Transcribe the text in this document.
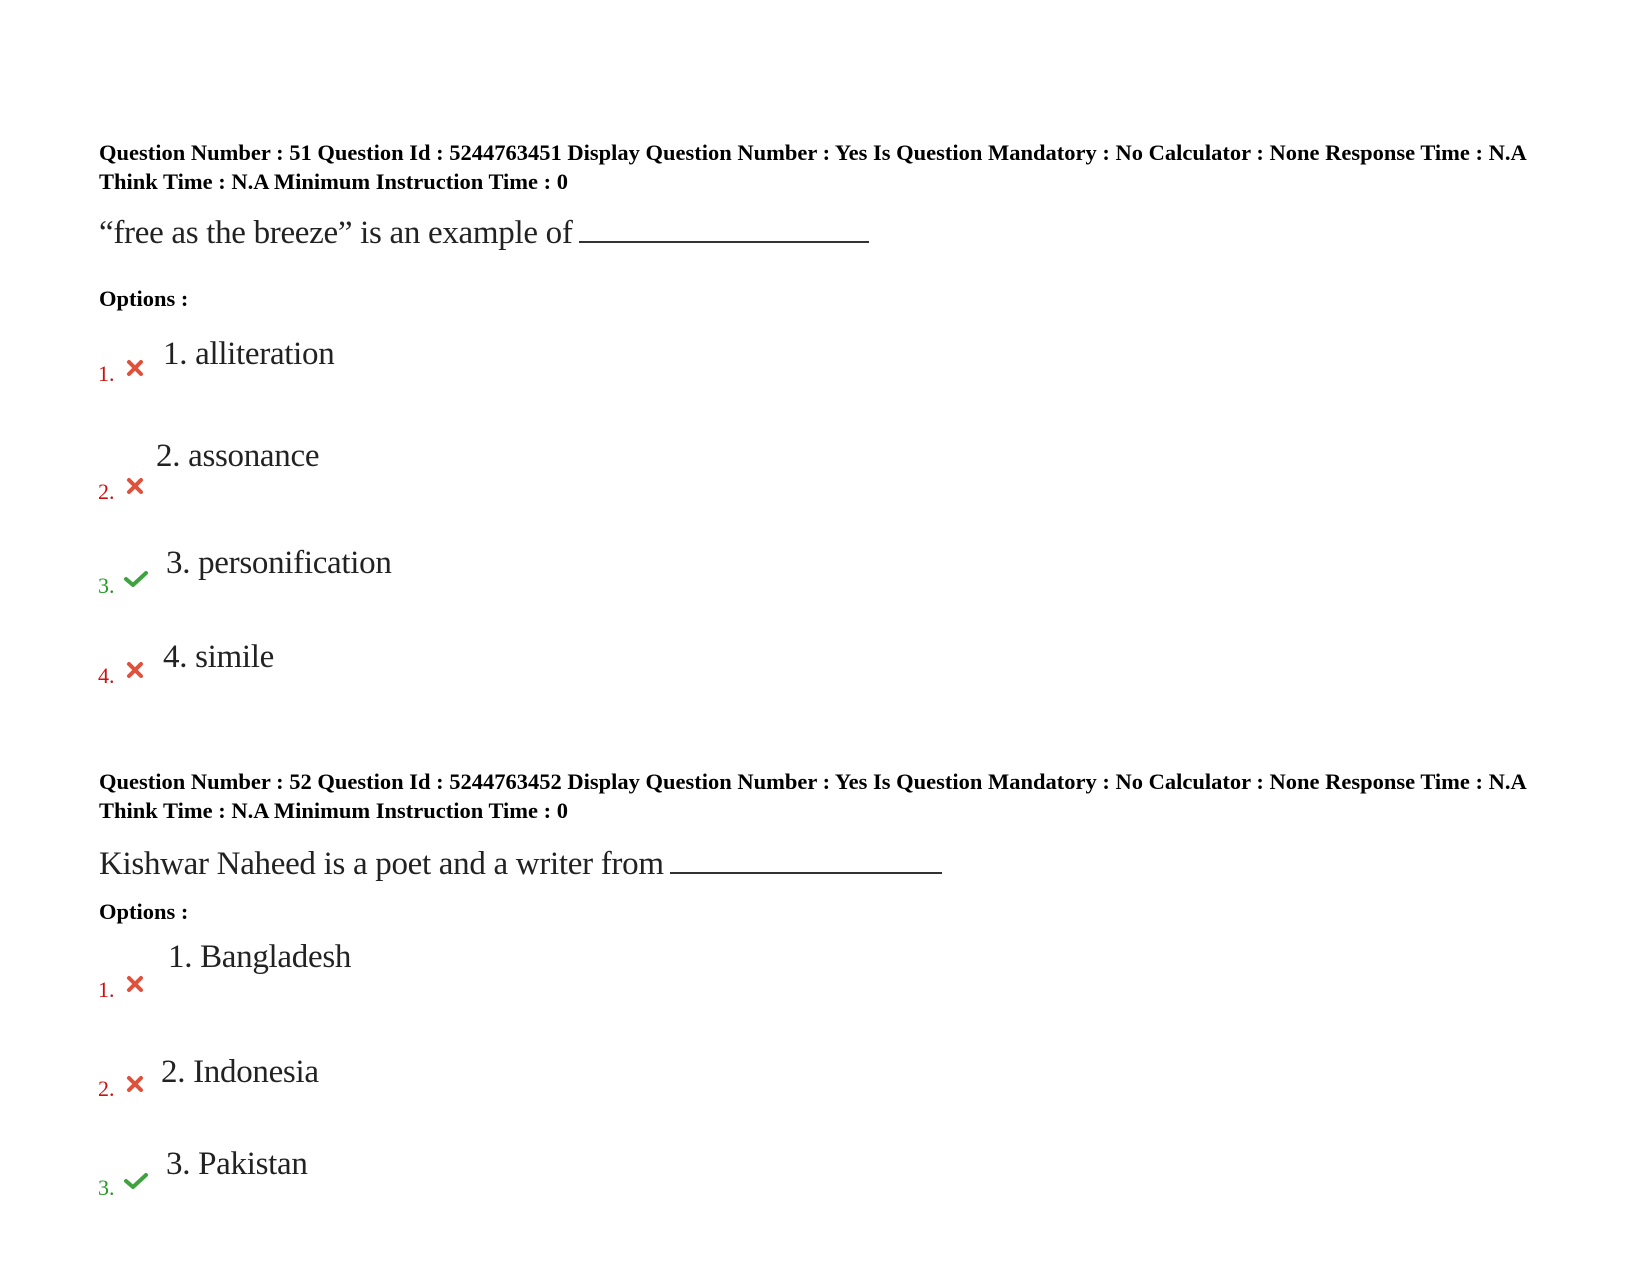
Question Number : 51 Question Id : 5244763451 Display Question Number : Yes Is Question Mandatory : No Calculator : None Response Time : N.A Think Time : N.A Minimum Instruction Time : 0

“free as the breeze” is an example of
Options :
1.
1. alliteration
2.
2. assonance
3.
3. personification
4.
4. simile

Question Number : 52 Question Id : 5244763452 Display Question Number : Yes Is Question Mandatory : No Calculator : None Response Time : N.A Think Time : N.A Minimum Instruction Time : 0

Kishwar Naheed is a poet and a writer from
Options :
1.
1. Bangladesh
2. 2. Indonesia
3.
3. Pakistan
